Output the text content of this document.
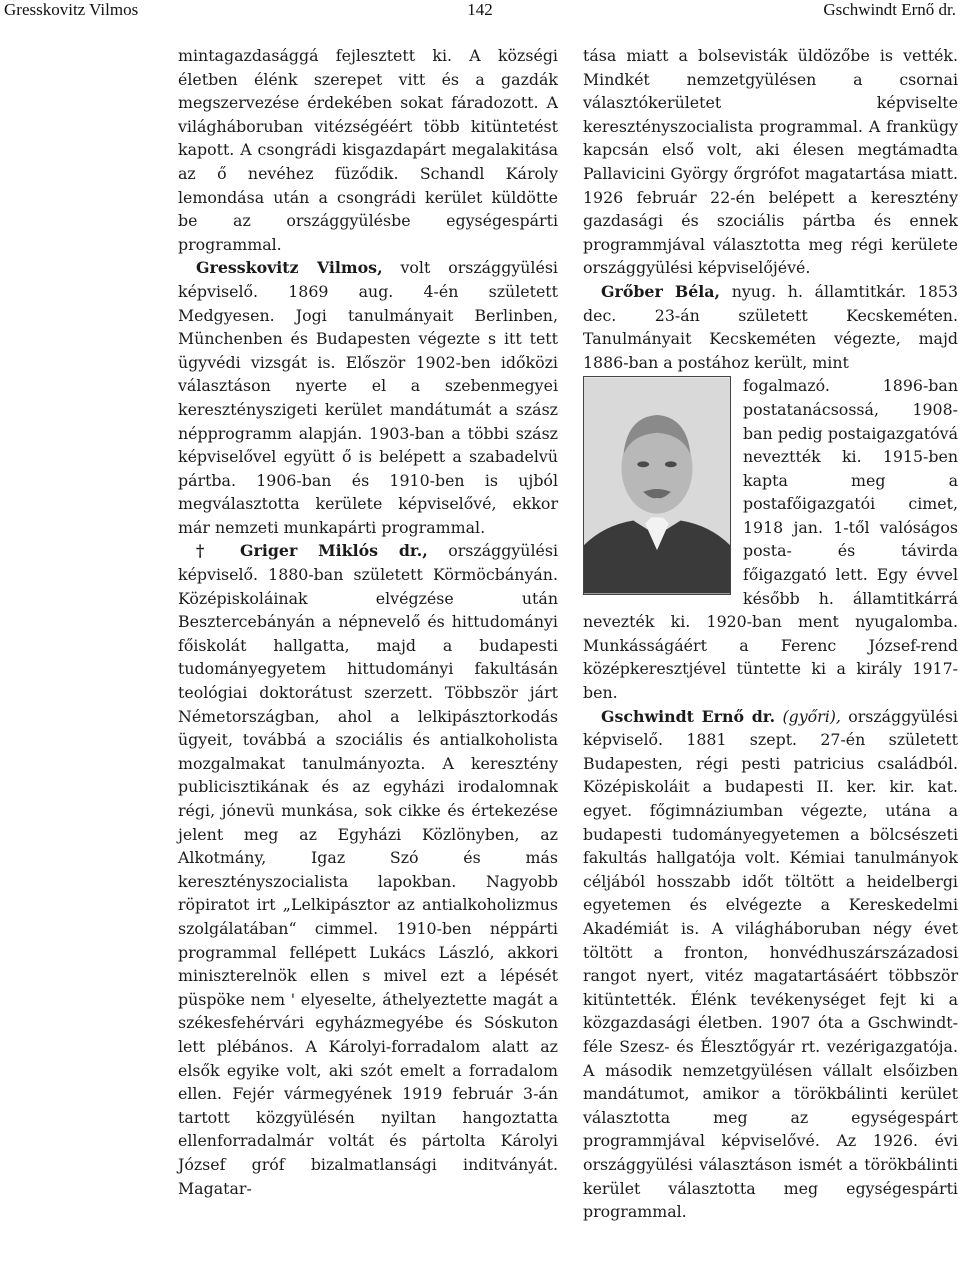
142
Gresskovitz Vilmos	Gschwindt Ernő dr.

mintagazdasággá fejlesztett ki. A községi életben élénk szerepet vitt és a gazdák megszervezése érdekében sokat fáradozott. A világháboruban vitézségéért több kitüntetést kapott. A csongrádi kisgazdapárt megalakitása az ő nevéhez füződik. Schandl Károly lemondása után a csongrádi kerület küldötte be az országgyülésbe egységespárti programmal.

Gresskovitz Vilmos, volt országgyülési képviselő. 1869 aug. 4-én született Medgyesen. Jogi tanulmányait Berlinben, Münchenben és Budapesten végezte s itt tett ügyvédi vizsgát is. Először 1902-ben időközi választáson nyerte el a szebenmegyei keresztényszigeti kerület mandátumát a szász népprogramm alapján. 1903-ban a többi szász képviselővel együtt ő is belépett a szabadelvü pártba. 1906-ban és 1910-ben is ujból megválasztotta kerülete képviselővé, ekkor már nemzeti munkapárti programmal.

† Griger Miklós dr., országgyülési képviselő. 1880-ban született Körmöcbányán. Középiskoláinak elvégzése után Besztercebányán a népnevelő és hittudományi főiskolát hallgatta, majd a budapesti tudományegyetem hittudományi fakultásán teológiai doktorátust szerzett. Többször járt Németországban, ahol a lelkipásztorkodás ügyeit, továbbá a szociális és antialkoholista mozgalmakat tanulmányozta. A keresztény publicisztikának és az egyházi irodalomnak régi, jónevü munkása, sok cikke és értekezése jelent meg az Egyházi Közlönyben, az Alkotmány, Igaz Szó és más keresztényszocialista lapokban. Nagyobb röpiratot irt „Lelkipásztor az antialkoholizmus szolgálatában“ cimmel. 1910-ben néppárti programmal fellépett Lukács László, akkori miniszterelnök ellen s mivel ezt a lépését püspöke nem ' elyeselte, áthelyeztette magát a székesfehérvári egyházmegyébe és Sóskuton lett plébános. A Károlyi-forradalom alatt az elsők egyike volt, aki szót emelt a forradalom ellen. Fejér vármegyének 1919 február 3-án tartott közgyülésén nyiltan hangoztatta ellenforradalmár voltát és pártolta Károlyi József gróf bizalmatlansági inditványát. Magatar-

tása miatt a bolsevisták üldözőbe is vették. Mindkét nemzetgyülésen a csornai választókerületet képviselte keresztényszocialista programmal. A frankügy kapcsán első volt, aki élesen megtámadta Pallavicini György őrgrófot magatartása miatt. 1926 február 22-én belépett a keresztény gazdasági és szociális pártba és ennek programmjával választotta meg régi kerülete országgyülési képviselőjévé.

Grőber Béla, nyug. h. államtitkár. 1853 dec. 23-án született Kecskeméten. Tanulmányait Kecskeméten végezte, majd 1886-ban a postához került, mint

fogalmazó. 1896-ban postatanácsossá, 1908-ban pedig postaigazgatóvá neveztték ki. 1915-ben kapta meg a postafőigazgatói cimet, 1918 jan. 1-től valóságos posta- és távirda főigazgató lett. Egy évvel később h. államtitkárrá nevezték ki. 1920-ban ment nyugalomba. Munkásságáért a Ferenc József-rend középkeresztjével tüntette ki a király 1917-ben.

Gschwindt Ernő dr. (győri), országgyülési képviselő. 1881 szept. 27-én született Budapesten, régi pesti patricius családból. Középiskoláit a budapesti II. ker. kir. kat. egyet. főgimnáziumban végezte, utána a budapesti tudományegyetemen a bölcsészeti fakultás hallgatója volt. Kémiai tanulmányok céljából hosszabb időt töltött a heidelbergi egyetemen és elvégezte a Kereskedelmi Akadémiát is. A világháboruban négy évet töltött a fronton, honvédhuszárszázadosi rangot nyert, vitéz magatartásáért többször kitüntették. Élénk tevékenységet fejt ki a közgazdasági életben. 1907 óta a Gschwindt-féle Szesz- és Élesztőgyár rt. vezérigazgatója. A második nemzetgyülésen vállalt elsőizben mandátumot, amikor a törökbálinti kerület választotta meg az egységespárt programmjával képviselővé. Az 1926. évi országgyülési választáson ismét a törökbálinti kerület választotta meg egységespárti programmal.
